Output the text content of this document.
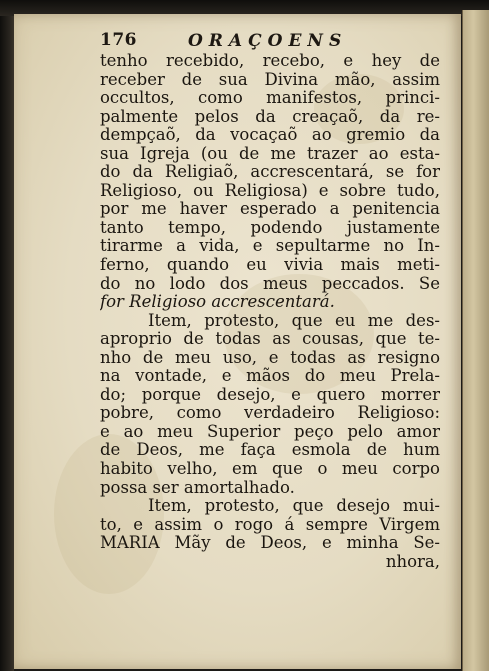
176	ORAÇOENS
tenho recebido, recebo, e hey de
receber de sua Divina mão, assim
occultos, como manifestos, princi-
palmente pelos da creaçaõ, da re-
dempçaõ, da vocaçaõ ao gremio da
sua Igreja (ou de me trazer ao esta-
do da Religiaõ, accrescentará, se for
Religioso, ou Religiosa) e sobre tudo,
por me haver esperado a penitencia
tanto tempo, podendo justamente
tirarme a vida, e sepultarme no In-
ferno, quando eu vivia mais meti-
do no lodo dos meus peccados. Se
for Religioso accrescentará.
Item, protesto, que eu me des-
aproprio de todas as cousas, que te-
nho de meu uso, e todas as resigno
na vontade, e mãos do meu Prela-
do; porque desejo, e quero morrer
pobre, como verdadeiro Religioso:
e ao meu Superior peço pelo amor
de Deos, me faça esmola de hum
habito velho, em que o meu corpo
possa ser amortalhado.
Item, protesto, que desejo mui-
to, e assim o rogo á sempre Virgem
MARIA Mãy de Deos, e minha Se-
nhora,
